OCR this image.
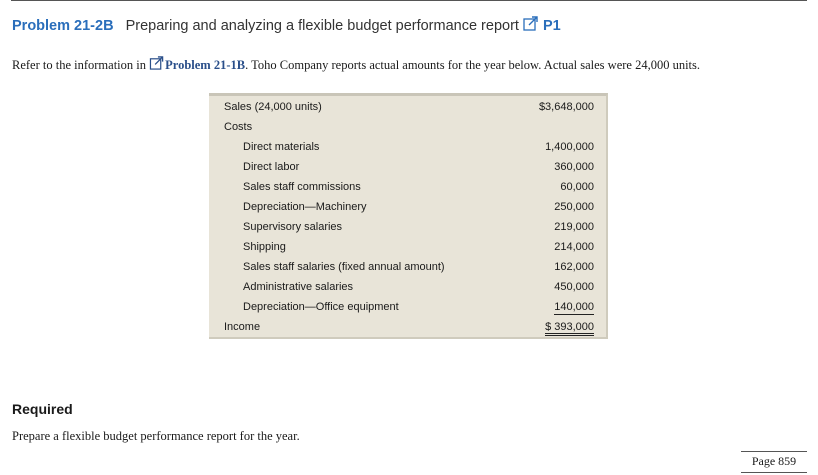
Problem 21-2B Preparing and analyzing a flexible budget performance report P1
Refer to the information in Problem 21-1B. Toho Company reports actual amounts for the year below. Actual sales were 24,000 units.
Sales (24,000 units)	$3,648,000
Costs
Direct materials	1,400,000
Direct labor	360,000
Sales staff commissions	60,000
Depreciation—Machinery	250,000
Supervisory salaries	219,000
Shipping	214,000
Sales staff salaries (fixed annual amount)	162,000
Administrative salaries	450,000
Depreciation—Office equipment	140,000
Income	$ 393,000
Required
Prepare a flexible budget performance report for the year.
Page 859
